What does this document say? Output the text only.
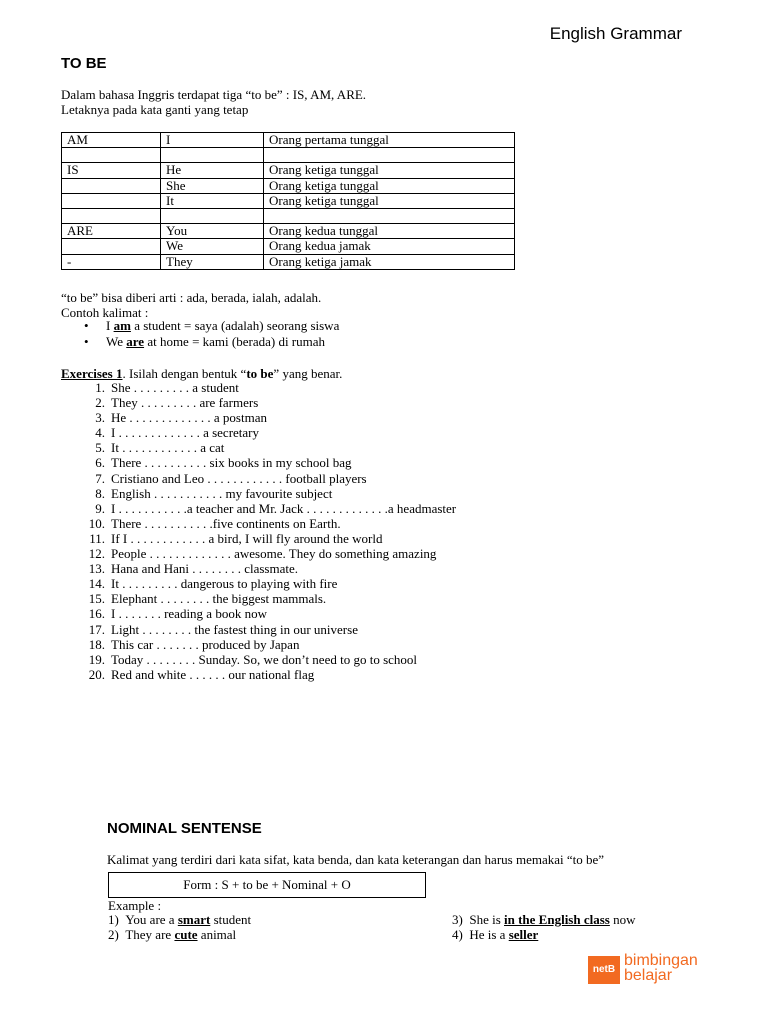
English Grammar
TO BE
Dalam bahasa Inggris terdapat tiga “to be” : IS, AM, ARE.
Letaknya pada kata ganti yang tetap
AM	I	Orang pertama tunggal

IS	He	Orang ketiga tunggal
	She	Orang ketiga tunggal
	It	Orang ketiga tunggal

ARE	You	Orang kedua tunggal
	We	Orang kedua jamak
-	They	Orang ketiga jamak
“to be” bisa diberi arti : ada, berada, ialah, adalah.
Contoh kalimat :
• I am a student = saya (adalah) seorang siswa
• We are at home = kami (berada) di rumah
Exercises 1. Isilah dengan bentuk “to be” yang benar.
1. She . . . . . . . . . a student
2. They . . . . . . . . . are farmers
3. He . . . . . . . . . . . . . a postman
4. I . . . . . . . . . . . . . a secretary
5. It . . . . . . . . . . . . a cat
6. There . . . . . . . . . . six books in my school bag
7. Cristiano and Leo . . . . . . . . . . . . football players
8. English . . . . . . . . . . . my favourite subject
9. I . . . . . . . . . . .a teacher and Mr. Jack . . . . . . . . . . . . .a headmaster
10. There . . . . . . . . . . .five continents on Earth.
11. If I . . . . . . . . . . . . a bird, I will fly around the world
12. People . . . . . . . . . . . . . awesome. They do something amazing
13. Hana and Hani . . . . . . . . classmate.
14. It . . . . . . . . . dangerous to playing with fire
15. Elephant . . . . . . . . the biggest mammals.
16. I . . . . . . . reading a book now
17. Light . . . . . . . . the fastest thing in our universe
18. This car . . . . . . . produced by Japan
19. Today . . . . . . . . Sunday. So, we don’t need to go to school
20. Red and white . . . . . . our national flag
NOMINAL SENTENSE
Kalimat yang terdiri dari kata sifat, kata benda, dan kata keterangan dan harus memakai “to be”
Form : S + to be + Nominal + O
Example :
1) You are a smart student
2) They are cute animal
3) She is in the English class now
4) He is a seller
netB
bimbingan
belajar
